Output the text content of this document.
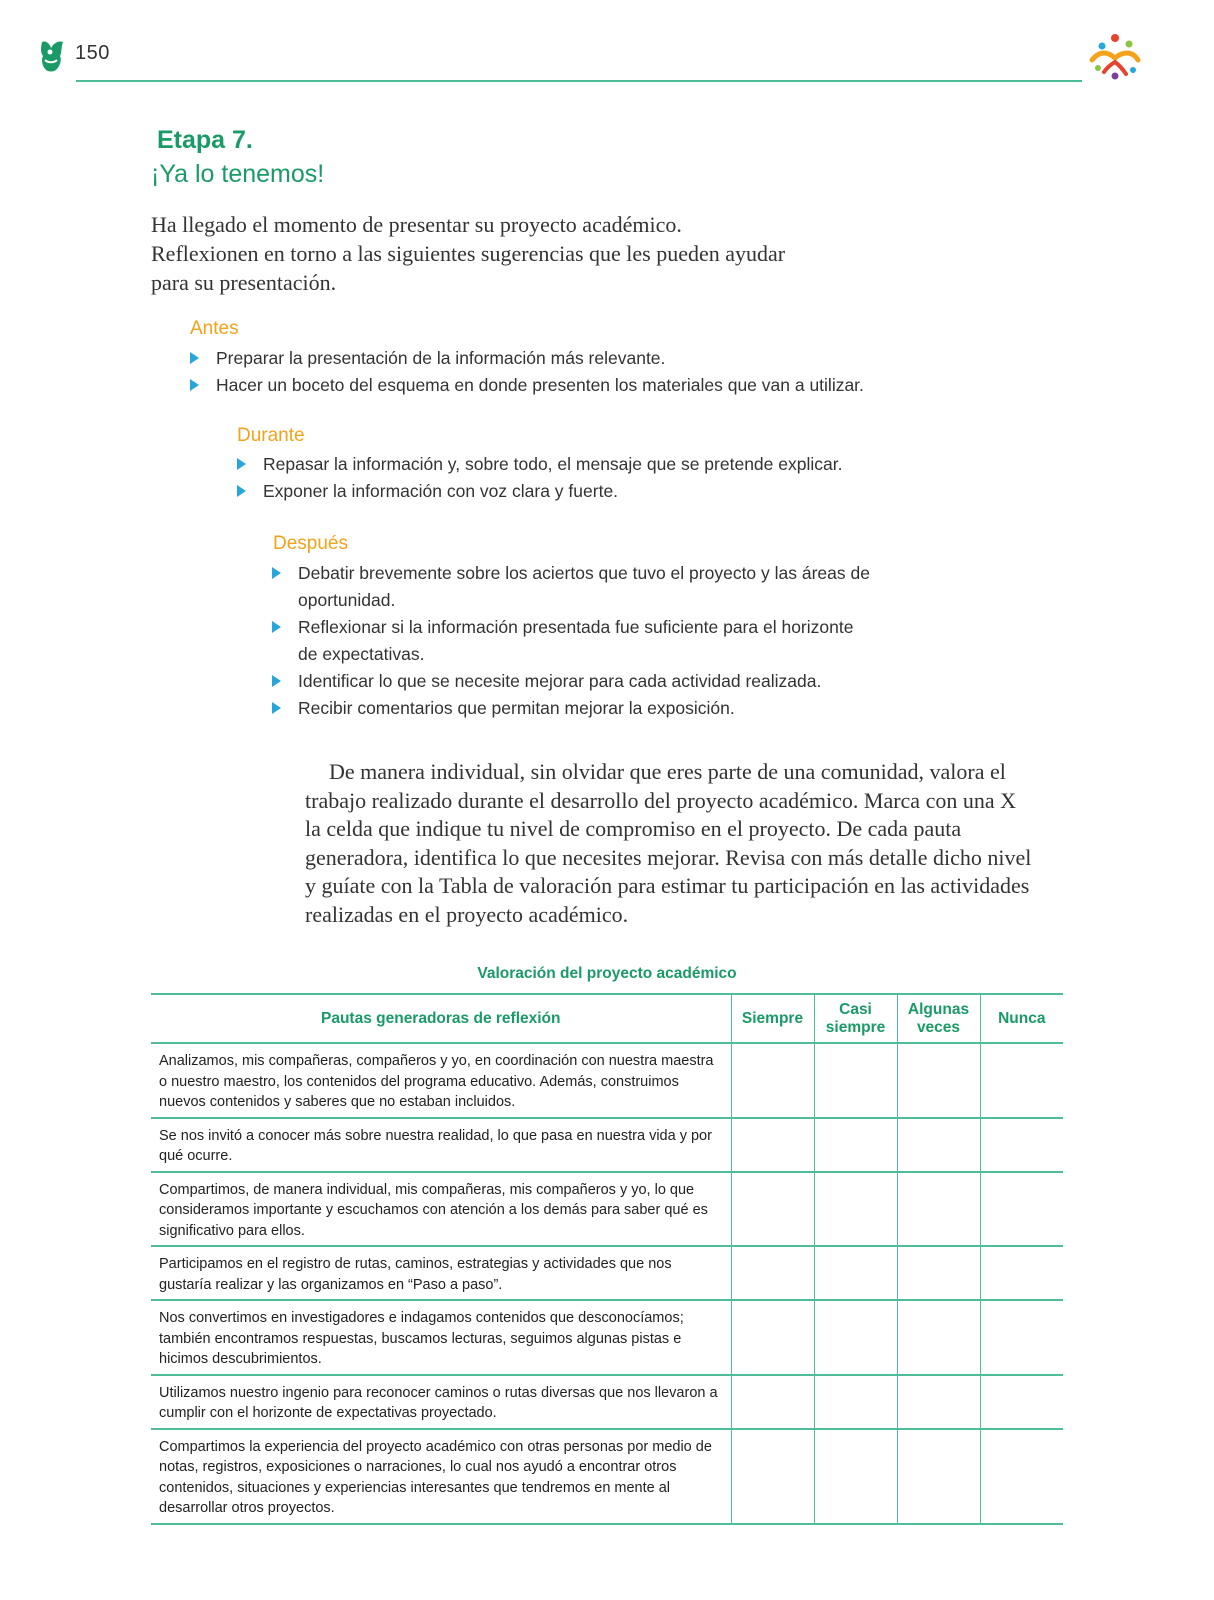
150
Etapa 7.
¡Ya lo tenemos!

Ha llegado el momento de presentar su proyecto académico. Reflexionen en torno a las siguientes sugerencias que les pueden ayudar para su presentación.

Antes
Preparar la presentación de la información más relevante.
Hacer un boceto del esquema en donde presenten los materiales que van a utilizar.
Durante
Repasar la información y, sobre todo, el mensaje que se pretende explicar.
Exponer la información con voz clara y fuerte.
Después
Debatir brevemente sobre los aciertos que tuvo el proyecto y las áreas de oportunidad.
Reflexionar si la información presentada fue suficiente para el horizonte de expectativas.
Identificar lo que se necesite mejorar para cada actividad realizada.
Recibir comentarios que permitan mejorar la exposición.

De manera individual, sin olvidar que eres parte de una comunidad, valora el trabajo realizado durante el desarrollo del proyecto académico. Marca con una X la celda que indique tu nivel de compromiso en el proyecto. De cada pauta generadora, identifica lo que necesites mejorar. Revisa con más detalle dicho nivel y guíate con la Tabla de valoración para estimar tu participación en las actividades realizadas en el proyecto académico.

Valoración del proyecto académico
Pautas generadoras de reflexión	Siempre	Casi siempre	Algunas veces	Nunca
Analizamos, mis compañeras, compañeros y yo, en coordinación con nuestra maestra o nuestro maestro, los contenidos del programa educativo. Además, construimos nuevos contenidos y saberes que no estaban incluidos.				
Se nos invitó a conocer más sobre nuestra realidad, lo que pasa en nuestra vida y por qué ocurre.				
Compartimos, de manera individual, mis compañeras, mis compañeros y yo, lo que consideramos importante y escuchamos con atención a los demás para saber qué es significativo para ellos.				
Participamos en el registro de rutas, caminos, estrategias y actividades que nos gustaría realizar y las organizamos en “Paso a paso”.				
Nos convertimos en investigadores e indagamos contenidos que desconocíamos; también encontramos respuestas, buscamos lecturas, seguimos algunas pistas e hicimos descubrimientos.				
Utilizamos nuestro ingenio para reconocer caminos o rutas diversas que nos llevaron a cumplir con el horizonte de expectativas proyectado.				
Compartimos la experiencia del proyecto académico con otras personas por medio de notas, registros, exposiciones o narraciones, lo cual nos ayudó a encontrar otros contenidos, situaciones y experiencias interesantes que tendremos en mente al desarrollar otros proyectos.				
